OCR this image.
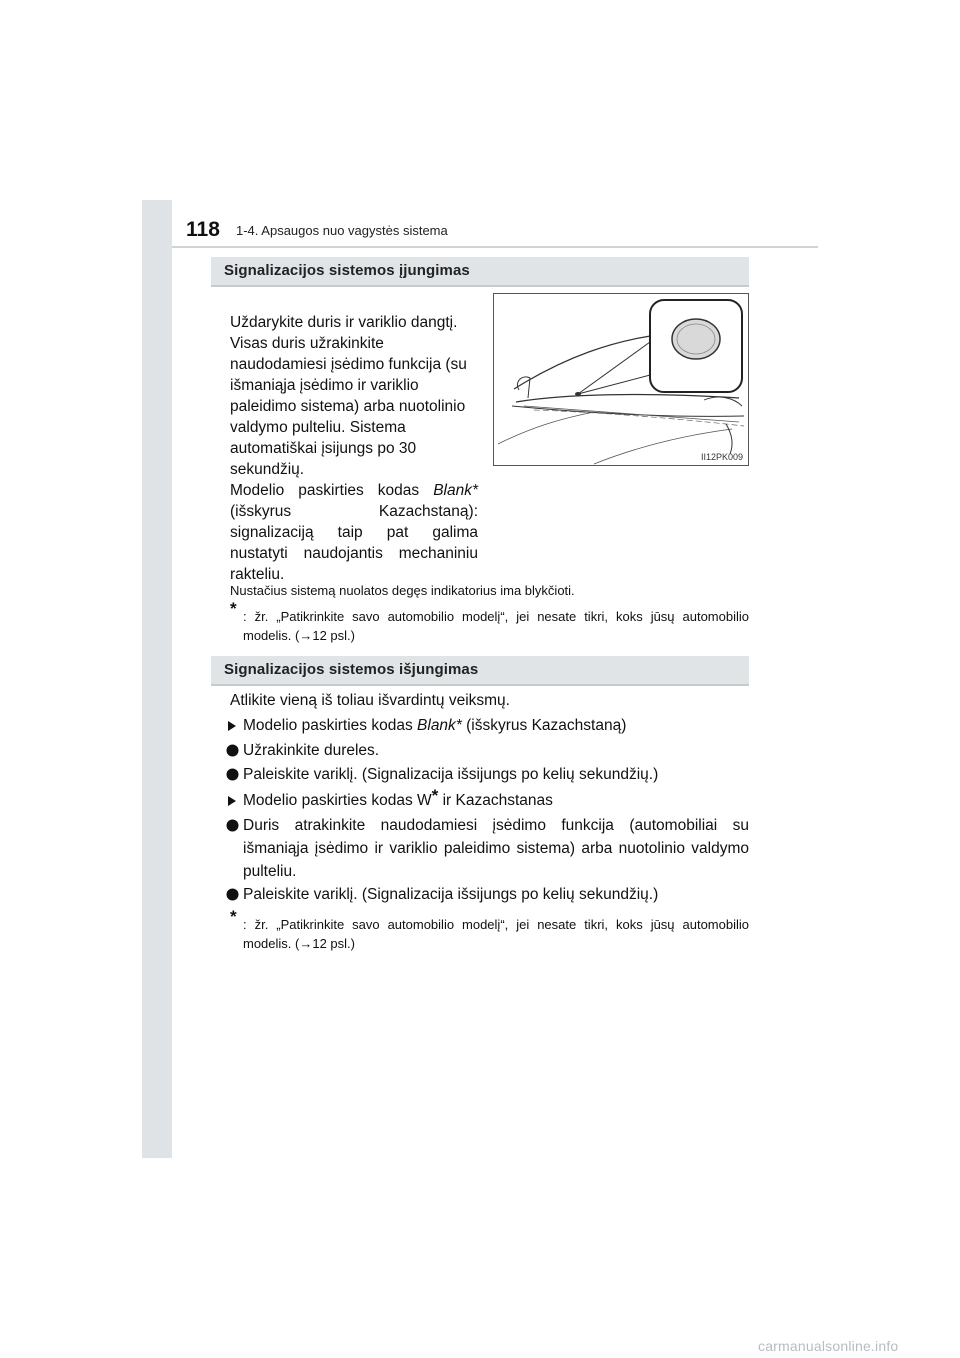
118 1-4. Apsaugos nuo vagystės sistema
Signalizacijos sistemos įjungimas
Uždarykite duris ir variklio dangtį. Visas duris užrakinkite naudodamiesi įsėdimo funkcija (su išmaniąja įsėdimo ir variklio paleidimo sistema) arba nuotolinio valdymo pulteliu. Sistema automatiškai įsijungs po 30 sekundžių.
Modelio paskirties kodas Blank* (išskyrus Kazachstaną): signalizaciją taip pat galima nustatyti naudojantis mechaniniu rakteliu.
II12PK009
Nustačius sistemą nuolatos degęs indikatorius ima blykčioti.
* : žr. „Patikrinkite savo automobilio modelį“, jei nesate tikri, koks jūsų automobilio modelis. (→12 psl.)
Signalizacijos sistemos išjungimas
Atlikite vieną iš toliau išvardintų veiksmų.
Modelio paskirties kodas Blank* (išskyrus Kazachstaną)
Užrakinkite dureles.
Paleiskite variklį. (Signalizacija išsijungs po kelių sekundžių.)
Modelio paskirties kodas W* ir Kazachstanas
Duris atrakinkite naudodamiesi įsėdimo funkcija (automobiliai su išmaniąja įsėdimo ir variklio paleidimo sistema) arba nuotolinio valdymo pulteliu.
Paleiskite variklį. (Signalizacija išsijungs po kelių sekundžių.)
* : žr. „Patikrinkite savo automobilio modelį“, jei nesate tikri, koks jūsų automobilio modelis. (→12 psl.)
carmanualsonline.info
